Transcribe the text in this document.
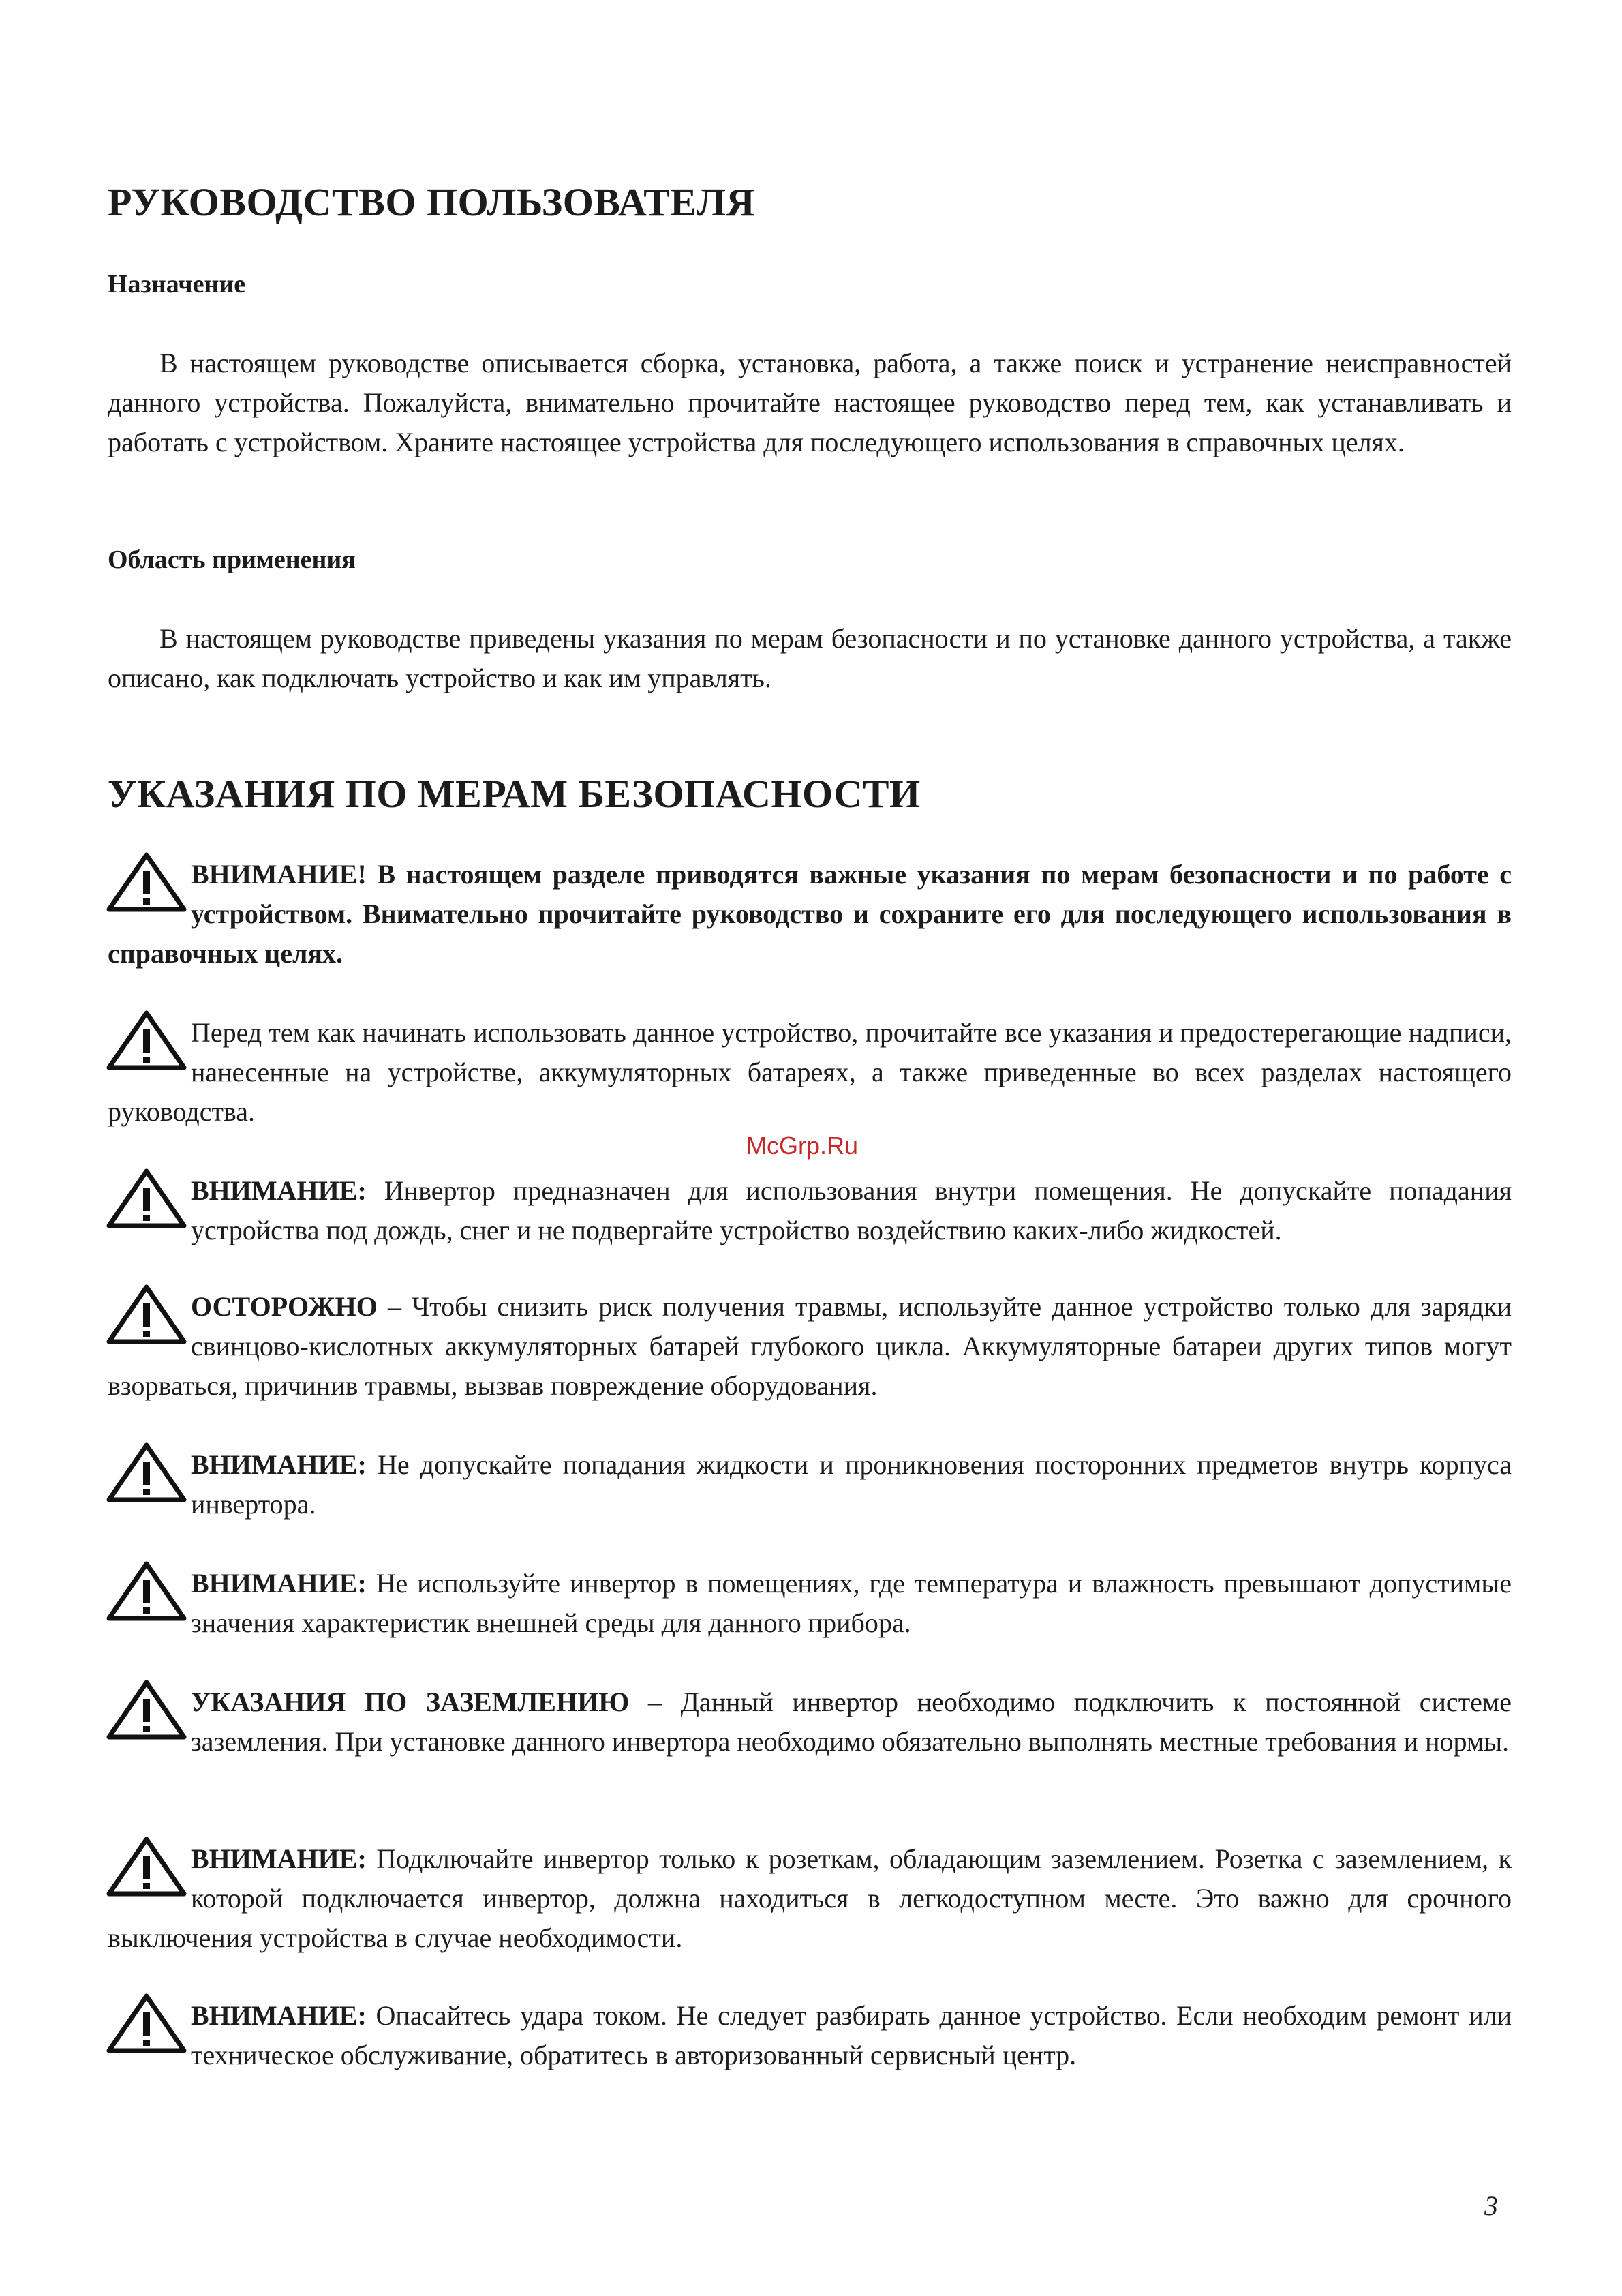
РУКОВОДСТВО ПОЛЬЗОВАТЕЛЯ
Назначение

В настоящем руководстве описывается сборка, установка, работа, а также поиск и устранение неисправностей данного устройства. Пожалуйста, внимательно прочитайте настоящее руководство перед тем, как устанавливать и работать с устройством. Храните настоящее устройства для последующего использования в справочных целях.

Область применения

В настоящем руководстве приведены указания по мерам безопасности и по установке данного устройства, а также описано, как подключать устройство и как им управлять.

УКАЗАНИЯ ПО МЕРАМ БЕЗОПАСНОСТИ
ВНИМАНИЕ! В настоящем разделе приводятся важные указания по мерам безопасности и по работе с устройством. Внимательно прочитайте руководство и сохраните его для последующего использования в справочных целях.
Перед тем как начинать использовать данное устройство, прочитайте все указания и предостерегающие надписи, нанесенные на устройстве, аккумуляторных батареях, а также приведенные во всех разделах настоящего руководства.
ВНИМАНИЕ: Инвертор предназначен для использования внутри помещения. Не допускайте попадания устройства под дождь, снег и не подвергайте устройство воздействию каких-либо жидкостей.
ОСТОРОЖНО – Чтобы снизить риск получения травмы, используйте данное устройство только для зарядки свинцово-кислотных аккумуляторных батарей глубокого цикла. Аккумуляторные батареи других типов могут взорваться, причинив травмы, вызвав повреждение оборудования.
ВНИМАНИЕ: Не допускайте попадания жидкости и проникновения посторонних предметов внутрь корпуса инвертора.
ВНИМАНИЕ: Не используйте инвертор в помещениях, где температура и влажность превышают допустимые значения характеристик внешней среды для данного прибора.
УКАЗАНИЯ ПО ЗАЗЕМЛЕНИЮ – Данный инвертор необходимо подключить к постоянной системе заземления. При установке данного инвертора необходимо обязательно выполнять местные требования и нормы.
ВНИМАНИЕ: Подключайте инвертор только к розеткам, обладающим заземлением. Розетка с заземлением, к которой подключается инвертор, должна находиться в легкодоступном месте. Это важно для срочного выключения устройства в случае необходимости.
ВНИМАНИЕ: Опасайтесь удара током. Не следует разбирать данное устройство. Если необходим ремонт или техническое обслуживание, обратитесь в авторизованный сервисный центр.
McGrp.Ru
3
